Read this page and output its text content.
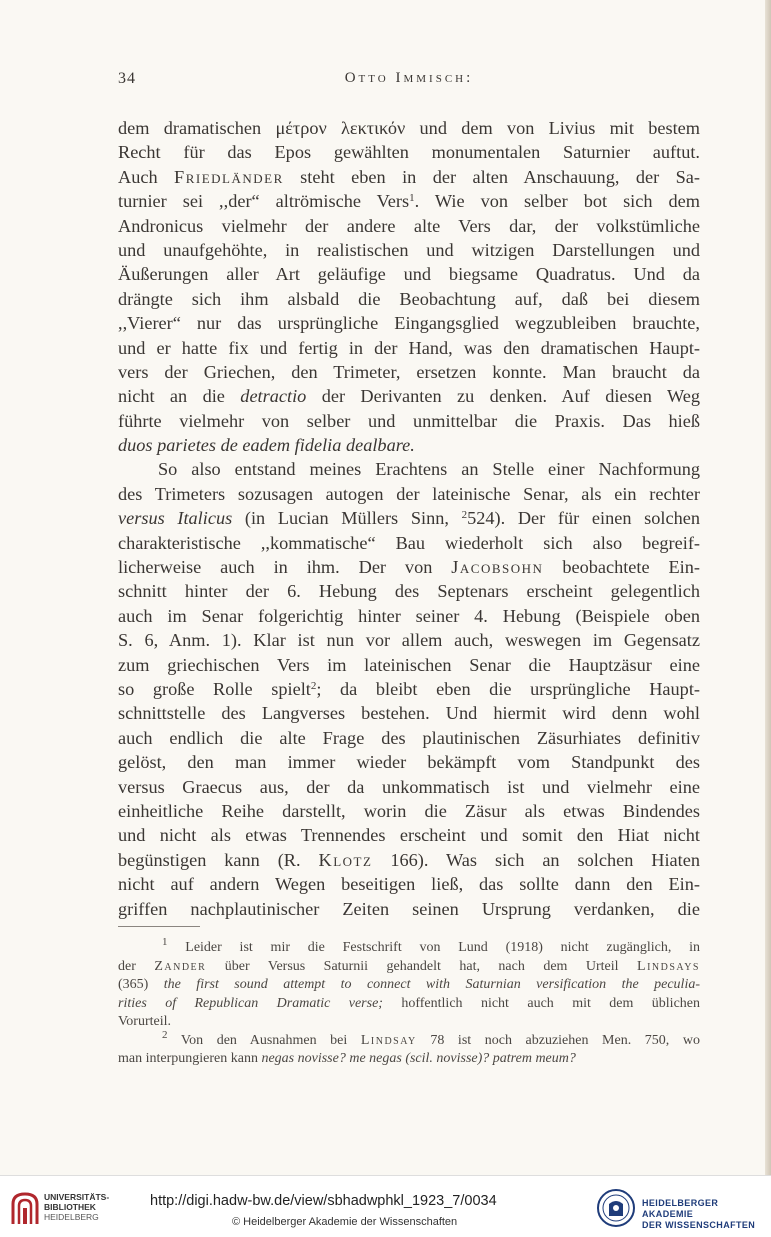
34	Otto Immisch:
dem dramatischen μέτρον λεκτικόν und dem von Livius mit bestem
Recht für das Epos gewählten monumentalen Saturnier auftut.
Auch Friedländer steht eben in der alten Anschauung, der Sa-
turnier sei ,,der“ altrömische Vers$^1$. Wie von selber bot sich dem
Andronicus vielmehr der andere alte Vers dar, der volkstümliche
und unaufgehöhte, in realistischen und witzigen Darstellungen und
Äußerungen aller Art geläufige und biegsame Quadratus. Und da
drängte sich ihm alsbald die Beobachtung auf, daß bei diesem
,,Vierer“ nur das ursprüngliche Eingangsglied wegzubleiben brauchte,
und er hatte fix und fertig in der Hand, was den dramatischen Haupt-
vers der Griechen, den Trimeter, ersetzen konnte. Man braucht da
nicht an die detractio der Derivanten zu denken. Auf diesen Weg
führte vielmehr von selber und unmittelbar die Praxis. Das hieß
duos parietes de eadem fidelia dealbare.
So also entstand meines Erachtens an Stelle einer Nachformung
des Trimeters sozusagen autogen der lateinische Senar, als ein rechter
versus Italicus (in Lucian Müllers Sinn, $^2$524). Der für einen solchen
charakteristische ,,kommatische“ Bau wiederholt sich also begreif-
licherweise auch in ihm. Der von Jacobsohn beobachtete Ein-
schnitt hinter der 6. Hebung des Septenars erscheint gelegentlich
auch im Senar folgerichtig hinter seiner 4. Hebung (Beispiele oben
S. 6, Anm. 1). Klar ist nun vor allem auch, weswegen im Gegensatz
zum griechischen Vers im lateinischen Senar die Hauptzäsur eine
so große Rolle spielt$^2$; da bleibt eben die ursprüngliche Haupt-
schnittstelle des Langverses bestehen. Und hiermit wird denn wohl
auch endlich die alte Frage des plautinischen Zäsurhiates definitiv
gelöst, den man immer wieder bekämpft vom Standpunkt des
versus Graecus aus, der da unkommatisch ist und vielmehr eine
einheitliche Reihe darstellt, worin die Zäsur als etwas Bindendes
und nicht als etwas Trennendes erscheint und somit den Hiat nicht
begünstigen kann (R. Klotz 166). Was sich an solchen Hiaten
nicht auf andern Wegen beseitigen ließ, das sollte dann den Ein-
griffen nachplautinischer Zeiten seinen Ursprung verdanken, die
$^1$ Leider ist mir die Festschrift von Lund (1918) nicht zugänglich, in
der Zander über Versus Saturnii gehandelt hat, nach dem Urteil Lindsays
(365) the first sound attempt to connect with Saturnian versification the peculia-
rities of Republican Dramatic verse; hoffentlich nicht auch mit dem üblichen
Vorurteil.
$^2$ Von den Ausnahmen bei Lindsay 78 ist noch abzuziehen Men. 750, wo
man interpungieren kann negas novisse? me negas (scil. novisse)? patrem meum?
UNIVERSITÄTS-
BIBLIOTHEK
HEIDELBERG
http://digi.hadw-bw.de/view/sbhadwphkl_1923_7/0034
© Heidelberger Akademie der Wissenschaften
HEIDELBERGER AKADEMIE
DER WISSENSCHAFTEN
